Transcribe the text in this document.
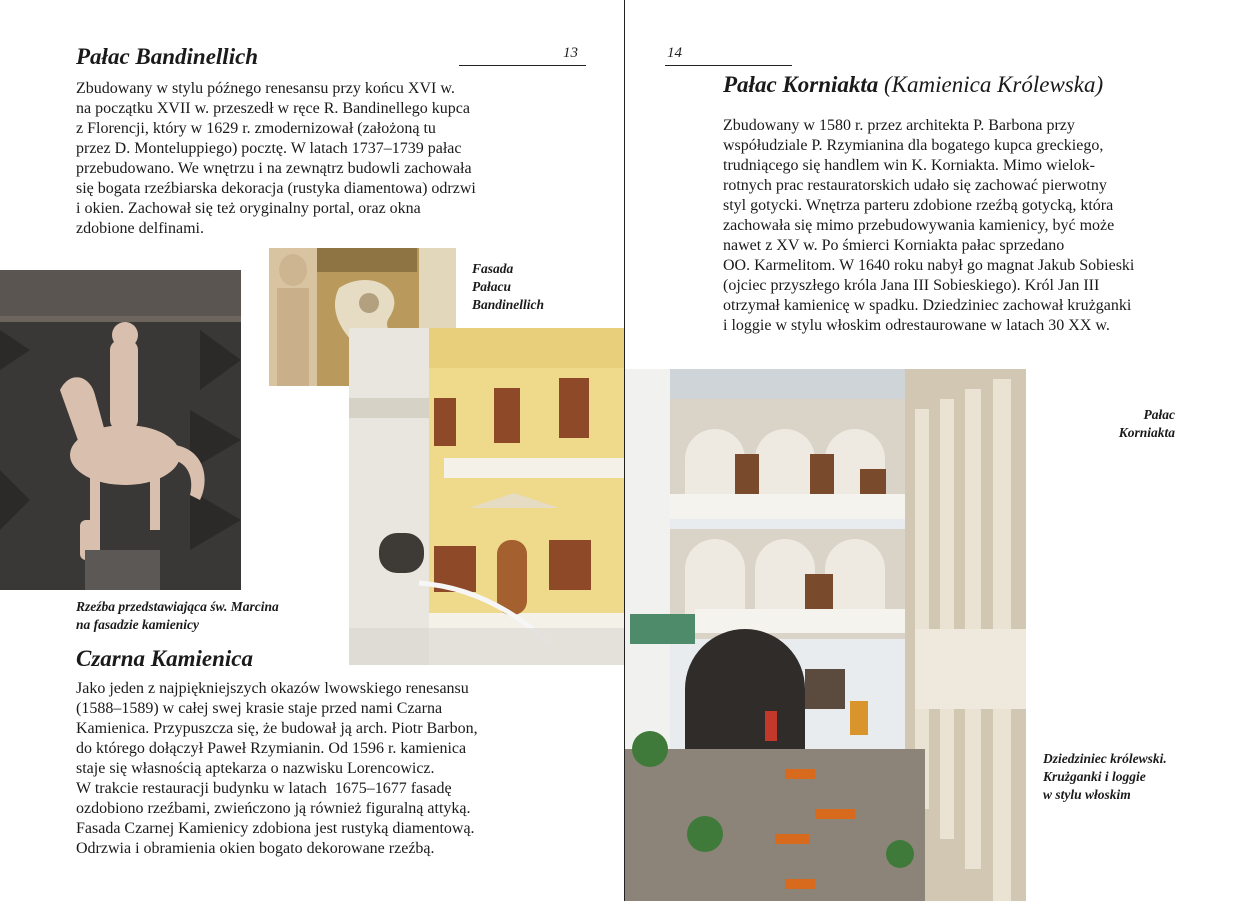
13
Pałac Bandinellich
Zbudowany w stylu późnego renesansu przy końcu XVI w.
na początku XVII w. przeszedł w ręce R. Bandinellego kupca
z Florencji, który w 1629 r. zmodernizował (założoną tu
przez D. Monteluppiego) pocztę. W latach 1737–1739 pałac
przebudowano. We wnętrzu i na zewnątrz budowli zachowała
się bogata rzeźbiarska dekoracja (rustyka diamentowa) odrzwi
i okien. Zachował się też oryginalny portal, oraz okna
zdobione delfinami.
Fasada
Pałacu
Bandinellich
Rzeźba przedstawiająca św. Marcina
na fasadzie kamienicy
Czarna Kamienica
Jako jeden z najpiękniejszych okazów lwowskiego renesansu
(1588–1589) w całej swej krasie staje przed nami Czarna
Kamienica. Przypuszcza się, że budował ją arch. Piotr Barbon,
do którego dołączył Paweł Rzymianin. Od 1596 r. kamienica
staje się własnością aptekarza o nazwisku Lorencowicz.
W trakcie restauracji budynku w latach  1675–1677 fasadę
ozdobiono rzeźbami, zwieńczono ją również figuralną attyką.
Fasada Czarnej Kamienicy zdobiona jest rustyką diamentową.
Odrzwia i obramienia okien bogato dekorowane rzeźbą.
14
Pałac Korniakta (Kamienica Królewska)
Zbudowany w 1580 r. przez architekta P. Barbona przy
współudziale P. Rzymianina dla bogatego kupca greckiego,
trudniącego się handlem win K. Korniakta. Mimo wielok-
rotnych prac restauratorskich udało się zachować pierwotny
styl gotycki. Wnętrza parteru zdobione rzeźbą gotycką, która
zachowała się mimo przebudowywania kamienicy, być może
nawet z XV w. Po śmierci Korniakta pałac sprzedano
OO. Karmelitom. W 1640 roku nabył go magnat Jakub Sobieski
(ojciec przyszłego króla Jana III Sobieskiego). Król Jan III
otrzymał kamienicę w spadku. Dziedziniec zachował krużganki
i loggie w stylu włoskim odrestaurowane w latach 30 XX w.
Pałac
Korniakta
Dziedziniec królewski.
Krużganki i loggie
w stylu włoskim
